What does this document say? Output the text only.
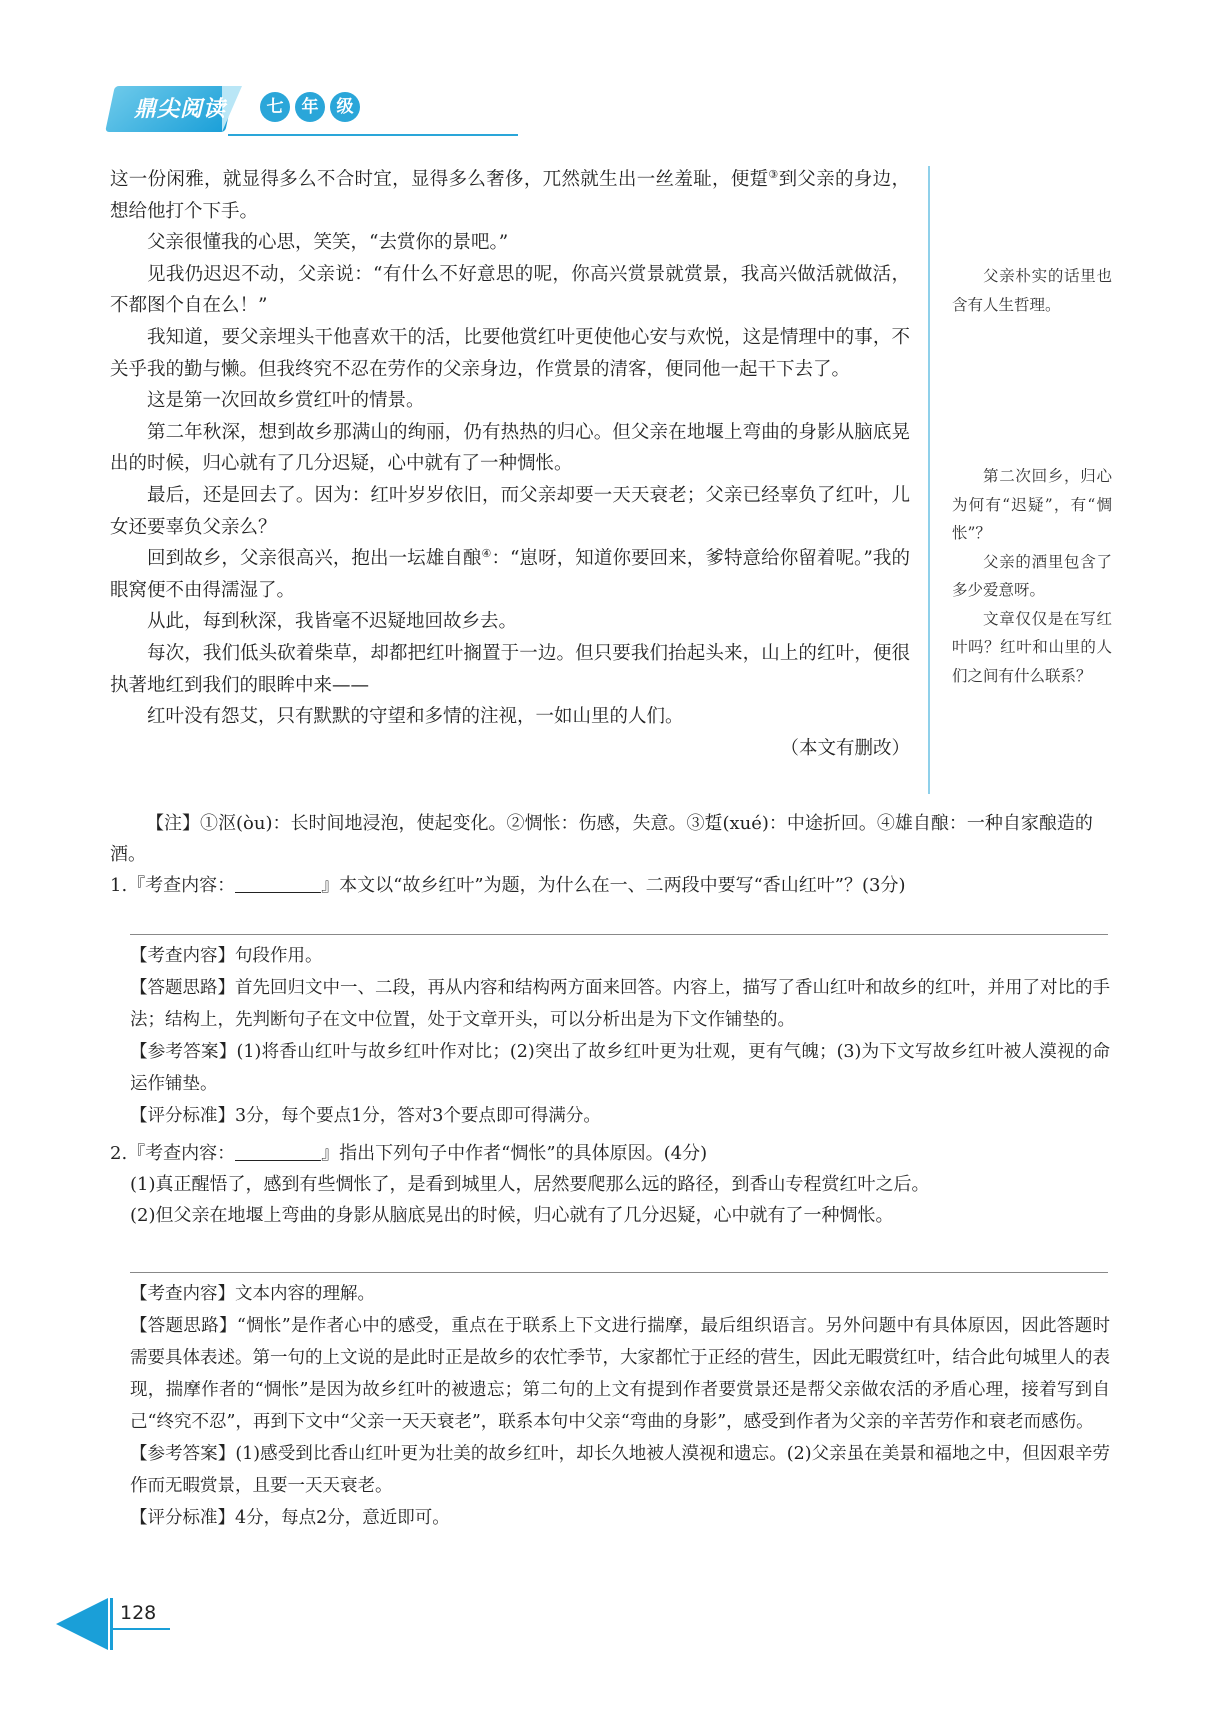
鼎尖阅读	七	年	级

这一份闲雅，就显得多么不合时宜，显得多么奢侈，兀然就生出一丝羞耻，便踅③到父亲的身边，想给他打个下手。

父亲很懂我的心思，笑笑，“去赏你的景吧。”

见我仍迟迟不动，父亲说：“有什么不好意思的呢，你高兴赏景就赏景，我高兴做活就做活，不都图个自在么！”

我知道，要父亲埋头干他喜欢干的活，比要他赏红叶更使他心安与欢悦，这是情理中的事，不关乎我的勤与懒。但我终究不忍在劳作的父亲身边，作赏景的清客，便同他一起干下去了。

这是第一次回故乡赏红叶的情景。

第二年秋深，想到故乡那满山的绚丽，仍有热热的归心。但父亲在地堰上弯曲的身影从脑底晃出的时候，归心就有了几分迟疑，心中就有了一种惆怅。

最后，还是回去了。因为：红叶岁岁依旧，而父亲却要一天天衰老；父亲已经辜负了红叶，儿女还要辜负父亲么？

回到故乡，父亲很高兴，抱出一坛雄自酿④：“崽呀，知道你要回来，爹特意给你留着呢。”我的眼窝便不由得濡湿了。

从此，每到秋深，我皆毫不迟疑地回故乡去。

每次，我们低头砍着柴草，却都把红叶搁置于一边。但只要我们抬起头来，山上的红叶，便很执著地红到我们的眼眸中来——

红叶没有怨艾，只有默默的守望和多情的注视，一如山里的人们。

（本文有删改）

父亲朴实的话里也含有人生哲理。

第二次回乡，归心为何有“迟疑”，有“惆怅”？

父亲的酒里包含了多少爱意呀。

文章仅仅是在写红叶吗？红叶和山里的人们之间有什么联系？

【注】①沤(òu)：长时间地浸泡，使起变化。②惆怅：伤感，失意。③踅(xué)：中途折回。④雄自酿：一种自家酿造的酒。
1.『考查内容：	』本文以“故乡红叶”为题，为什么在一、二两段中要写“香山红叶”？(3分)

【考查内容】句段作用。

【答题思路】首先回归文中一、二段，再从内容和结构两方面来回答。内容上，描写了香山红叶和故乡的红叶，并用了对比的手法；结构上，先判断句子在文中位置，处于文章开头，可以分析出是为下文作铺垫的。

【参考答案】(1)将香山红叶与故乡红叶作对比；(2)突出了故乡红叶更为壮观，更有气魄；(3)为下文写故乡红叶被人漠视的命运作铺垫。

【评分标准】3分，每个要点1分，答对3个要点即可得满分。

2.『考查内容：	』指出下列句子中作者“惆怅”的具体原因。(4分)

(1)真正醒悟了，感到有些惆怅了，是看到城里人，居然要爬那么远的路径，到香山专程赏红叶之后。

(2)但父亲在地堰上弯曲的身影从脑底晃出的时候，归心就有了几分迟疑，心中就有了一种惆怅。

【考查内容】文本内容的理解。

【答题思路】“惆怅”是作者心中的感受，重点在于联系上下文进行揣摩，最后组织语言。另外问题中有具体原因，因此答题时需要具体表述。第一句的上文说的是此时正是故乡的农忙季节，大家都忙于正经的营生，因此无暇赏红叶，结合此句城里人的表现，揣摩作者的“惆怅”是因为故乡红叶的被遗忘；第二句的上文有提到作者要赏景还是帮父亲做农活的矛盾心理，接着写到自己“终究不忍”，再到下文中“父亲一天天衰老”，联系本句中父亲“弯曲的身影”，感受到作者为父亲的辛苦劳作和衰老而感伤。

【参考答案】(1)感受到比香山红叶更为壮美的故乡红叶，却长久地被人漠视和遗忘。(2)父亲虽在美景和福地之中，但因艰辛劳作而无暇赏景，且要一天天衰老。

【评分标准】4分，每点2分，意近即可。

128
